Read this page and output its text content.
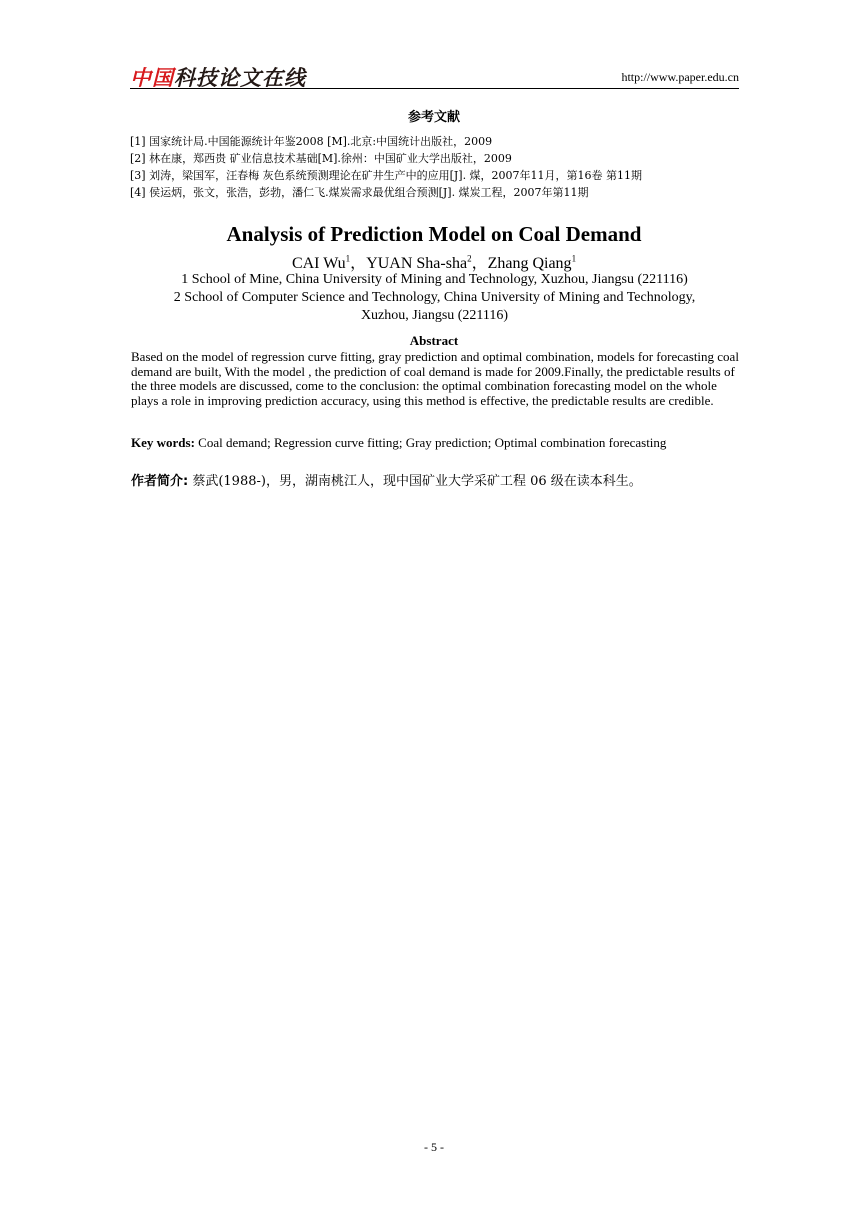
中国科技论文在线	http://www.paper.edu.cn
参考文献
[1] 国家统计局.中国能源统计年鉴2008 [M].北京:中国统计出版社，2009
[2] 林在康，郑西贵 矿业信息技术基础[M].徐州：中国矿业大学出版社，2009
[3] 刘涛，梁国军，汪春梅 灰色系统预测理论在矿井生产中的应用[J]. 煤，2007年11月，第16卷 第11期
[4] 侯运炳，张文，张浩，彭勃，潘仁飞.煤炭需求最优组合预测[J]. 煤炭工程，2007年第11期
Analysis of Prediction Model on Coal Demand
CAI Wu$^1$，YUAN Sha-sha$^2$，Zhang Qiang$^1$
1 School of Mine, China University of Mining and Technology, Xuzhou, Jiangsu (221116)
2 School of Computer Science and Technology, China University of Mining and Technology,
Xuzhou, Jiangsu (221116)
Abstract
Based on the model of regression curve fitting, gray prediction and optimal combination, models for forecasting coal demand are built, With the model , the prediction of coal demand is made for 2009.Finally, the predictable results of the three models are discussed, come to the conclusion: the optimal combination forecasting model on the whole plays a role in improving prediction accuracy, using this method is effective, the predictable results are credible.
Key words: Coal demand; Regression curve fitting; Gray prediction; Optimal combination forecasting
作者简介: 蔡武(1988-)，男，湖南桃江人，现中国矿业大学采矿工程 06 级在读本科生。
- 5 -
